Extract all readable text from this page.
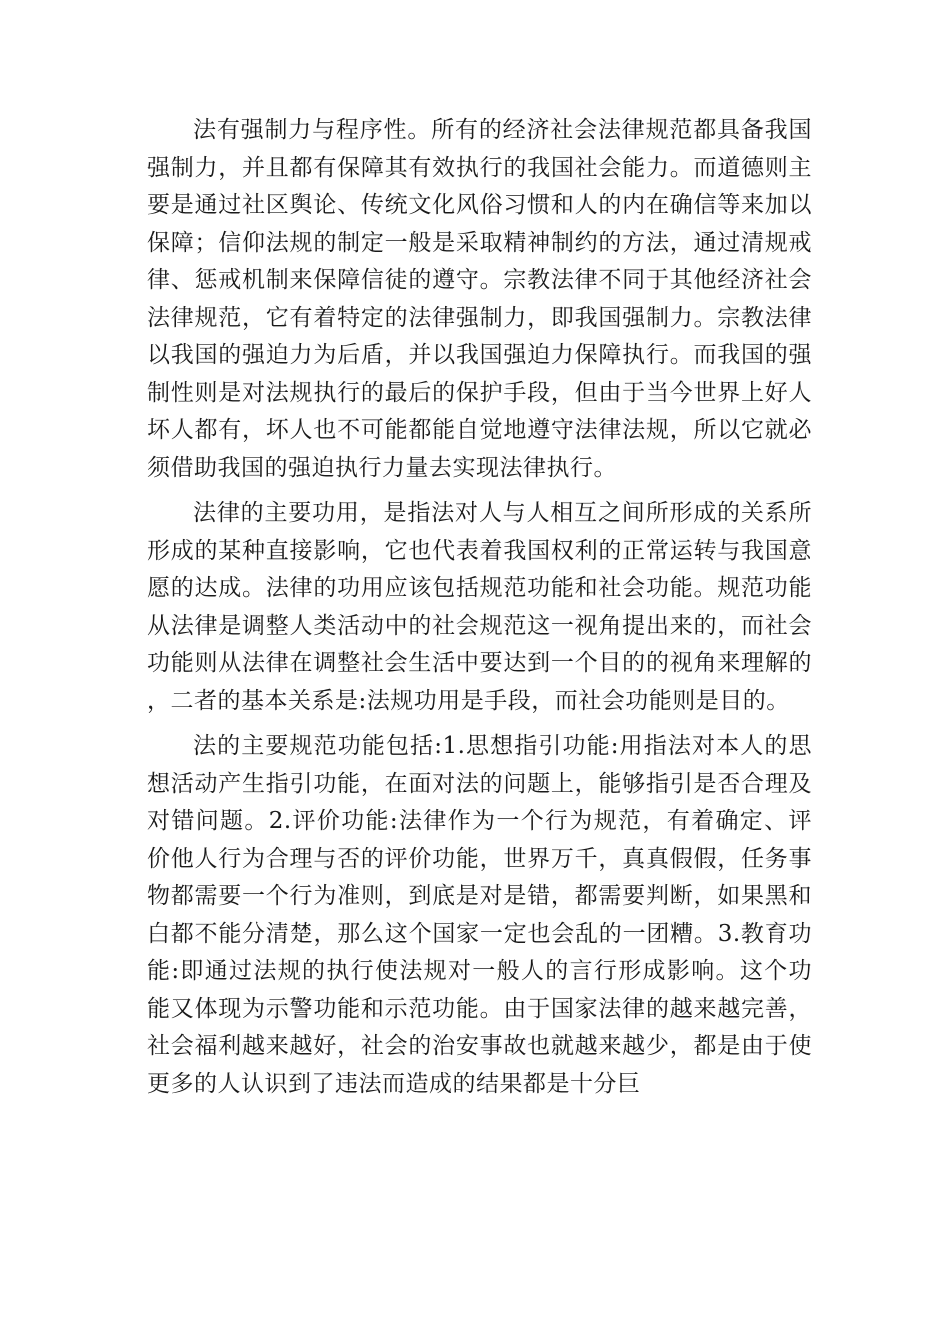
法有强制力与程序性。所有的经济社会法律规范都具备我国强制力，并且都有保障其有效执行的我国社会能力。而道德则主要是通过社区舆论、传统文化风俗习惯和人的内在确信等来加以保障；信仰法规的制定一般是采取精神制约的方法，通过清规戒律、惩戒机制来保障信徒的遵守。宗教法律不同于其他经济社会法律规范，它有着特定的法律强制力，即我国强制力。宗教法律以我国的强迫力为后盾，并以我国强迫力保障执行。而我国的强制性则是对法规执行的最后的保护手段，但由于当今世界上好人坏人都有，坏人也不可能都能自觉地遵守法律法规，所以它就必须借助我国的强迫执行力量去实现法律执行。

法律的主要功用，是指法对人与人相互之间所形成的关系所形成的某种直接影响，它也代表着我国权利的正常运转与我国意愿的达成。法律的功用应该包括规范功能和社会功能。规范功能从法律是调整人类活动中的社会规范这一视角提出来的，而社会功能则从法律在调整社会生活中要达到一个目的的视角来理解的，二者的基本关系是:法规功用是手段，而社会功能则是目的。

法的主要规范功能包括:1.思想指引功能:用指法对本人的思想活动产生指引功能，在面对法的问题上，能够指引是否合理及对错问题。2.评价功能:法律作为一个行为规范，有着确定、评价他人行为合理与否的评价功能，世界万千，真真假假，任务事物都需要一个行为准则，到底是对是错，都需要判断，如果黑和白都不能分清楚，那么这个国家一定也会乱的一团糟。3.教育功能:即通过法规的执行使法规对一般人的言行形成影响。这个功能又体现为示警功能和示范功能。由于国家法律的越来越完善，社会福利越来越好，社会的治安事故也就越来越少，都是由于使更多的人认识到了违法而造成的结果都是十分巨
